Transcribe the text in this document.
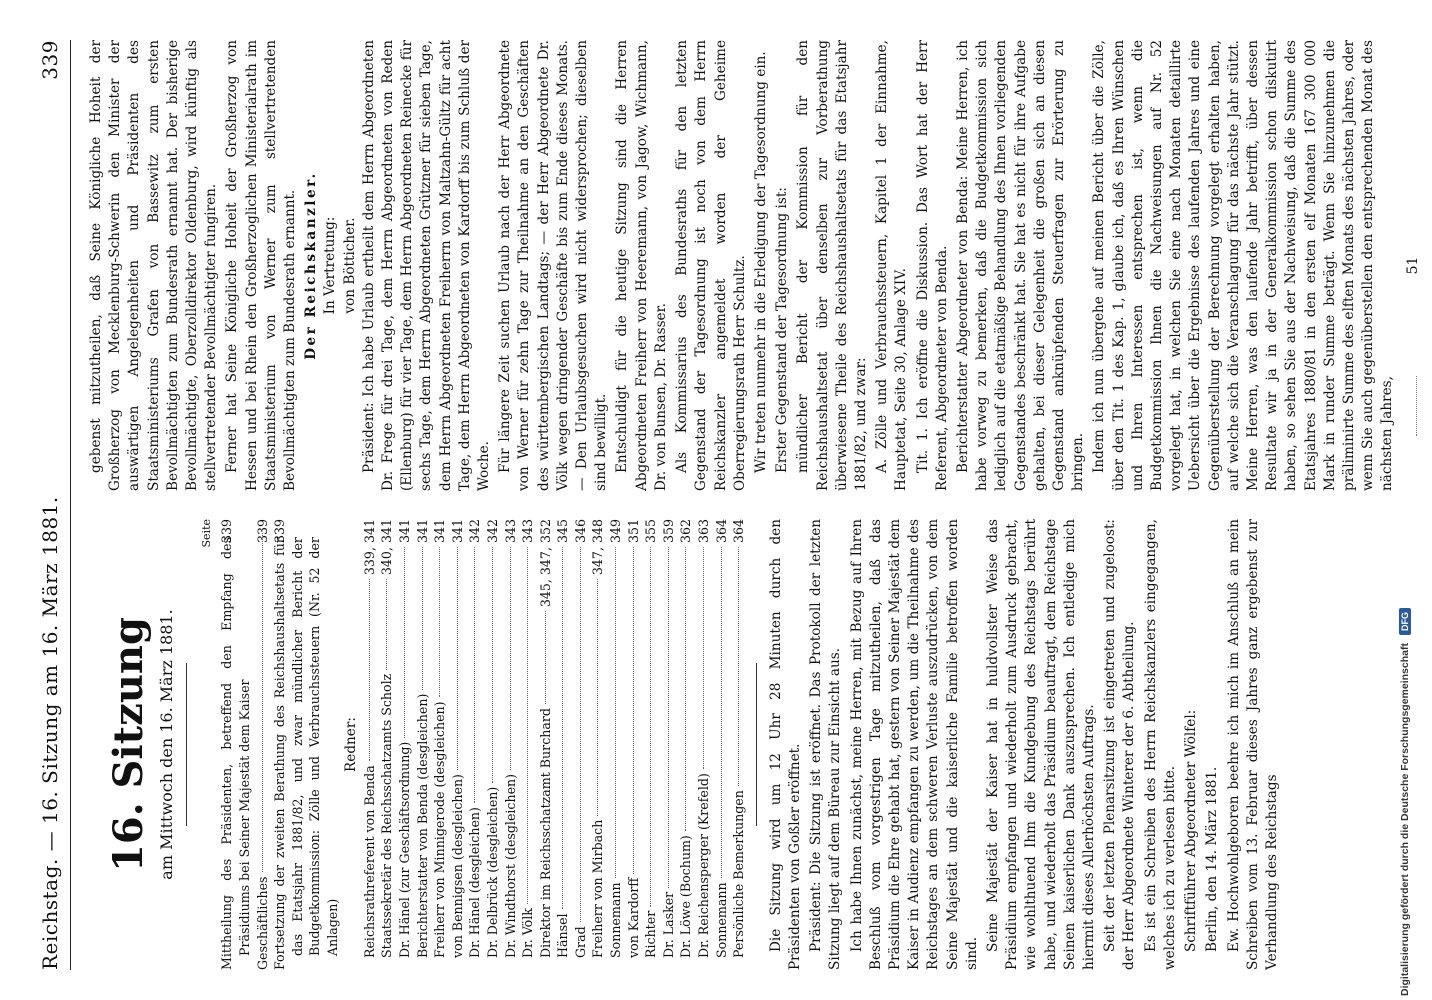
Reichstag. — 16. Sitzung am 16. März 1881.
339
16. Sitzung am Mittwoch den 16. März 1881.
Seite
Mittheilung des Präsidenten, betreffend den Empfang des Präsidiums bei Seiner Majestät dem Kaiser
339
Geschäftliches
339
Fortsetzung der zweiten Berathung des Reichshaushaltsetats für das Etatsjahr 1881/82, und zwar mündlicher Bericht der Budgetkommission: Zölle und Verbrauchssteuern (Nr. 52 der Anlagen)
339
Redner:
Reichsrathreferent von Benda
339, 341
Staatssekretär des Reichsschatzamts Scholz
340, 341
Dr. Hänel (zur Geschäftsordnung)
341
Berichterstatter von Benda (desgleichen)
341
Freiherr von Minnigerode (desgleichen)
341
von Bennigsen (desgleichen)
341
Dr. Hänel (desgleichen)
342
Dr. Delbrück (desgleichen)
342
Dr. Windthorst (desgleichen)
343
Dr. Völk
343
Direktor im Reichsschatzamt Burchard
345, 347, 352
Hänsel
345
Grad
346
Freiherr von Mirbach
347, 348
Sonnemann
349
von Kardorff
351
Richter
355
Dr. Lasker
359
Dr. Löwe (Bochum)
362
Dr. Reichensperger (Krefeld)
363
Sonnemann
364
Persönliche Bemerkungen
364 Die Sitzung wird um 12 Uhr 28 Minuten durch den Präsidenten von Goßler eröffnet. Präsident: Die Sitzung ist eröffnet. Das Protokoll der letzten Sitzung liegt auf dem Büreau zur Einsicht aus. Ich habe Ihnen zunächst, meine Herren, mit Bezug auf Ihren Beschluß vom vorgestrigen Tage mitzutheilen, daß das Präsidium die Ehre gehabt hat, gestern von Seiner Majestät dem Kaiser in Audienz empfangen zu werden, um die Theilnahme des Reichstages an dem schweren Verluste auszudrücken, von dem Seine Majestät und die kaiserliche Familie betroffen worden sind.

Seine Majestät der Kaiser hat in huldvollster Weise das Präsidium empfangen und wiederholt zum Ausdruck gebracht, wie wohlthuend Ihm die Kundgebung des Reichstags berührt habe, und wiederholt das Präsidium beauftragt, dem Reichstage Seinen kaiserlichen Dank auszusprechen. Ich entledige mich hiermit dieses Allerhöchsten Auftrags. Seit der letzten Plenarsitzung ist eingetreten und zugeloost: der Herr Abgeordnete Winterer der 6. Abtheilung. Es ist ein Schreiben des Herrn Reichskanzlers eingegangen, welches ich zu verlesen bitte. Schriftführer Abgeordneter Wölfel: Berlin, den 14. März 1881. Ew. Hochwohlgeboren beehre ich mich im Anschluß an mein Schreiben vom 13. Februar dieses Jahres ganz ergebenst zur Verhandlung des Reichstags

gebenst mitzutheilen, daß Seine Königliche Hoheit der Großherzog von Mecklenburg-Schwerin den Minister der auswärtigen Angelegenheiten und Präsidenten des Staatsministeriums Grafen von Bassewitz zum ersten Bevollmächtigten zum Bundesrath ernannt hat. Der bisherige Bevollmächtigte, Oberzolldirektor Oldenburg, wird künftig als stellvertretender Bevollmächtigter fungiren. Ferner hat Seine Königliche Hoheit der Großherzog von Hessen und bei Rhein den Großherzoglichen Ministerialrath im Staatsministerium von Werner zum stellvertretenden Bevollmächtigten zum Bundesrath ernannt. Der Reichskanzler. In Vertretung: von Bötticher. Präsident: Ich habe Urlaub ertheilt dem Herrn Abgeordneten Dr. Frege für drei Tage, dem Herrn Abgeordneten von Reden (Ellenburg) für vier Tage, dem Herrn Abgeordneten Reinecke für sechs Tage, dem Herrn Abgeordneten Grützner für sieben Tage, dem Herrn Abgeordneten Freiherrn von Maltzahn-Gültz für acht Tage, dem Herrn Abgeordneten von Kardorff bis zum Schluß der Woche. Für längere Zeit suchen Urlaub nach der Herr Abgeordnete von Werner für zehn Tage zur Theilnahme an den Geschäften des württembergischen Landtags; — der Herr Abgeordnete Dr. Völk wegen dringender Geschäfte bis zum Ende dieses Monats. — Den Urlaubsgesuchen wird nicht widersprochen; dieselben sind bewilligt. Entschuldigt für die heutige Sitzung sind die Herren Abgeordneten Freiherr von Heeremann, von Jagow, Wichmann, Dr. von Bunsen, Dr. Rasser. Als Kommissarius des Bundesraths für den letzten Gegenstand der Tagesordnung ist noch von dem Herrn Reichskanzler angemeldet worden der Geheime Oberregierungsrath Herr Schultz. Wir treten nunmehr in die Erledigung der Tagesordnung ein. Erster Gegenstand der Tagesordnung ist: mündlicher Bericht der Kommission für den Reichshaushaltsetat über denselben zur Vorberathung überwiesene Theile des Reichshaushaltsetats für das Etatsjahr 1881/82, und zwar: A. Zölle und Verbrauchssteuern, Kapitel 1 der Einnahme, Hauptetat, Seite 30, Anlage XIV. Tit. 1. Ich eröffne die Diskussion. Das Wort hat der Herr Referent, Abgeordneter von Benda. Berichterstatter Abgeordneter von Benda: Meine Herren, ich habe vorweg zu bemerken, daß die Budgetkommission sich lediglich auf die etatmäßige Behandlung des Ihnen vorliegenden Gegenstandes beschränkt hat. Sie hat es nicht für ihre Aufgabe gehalten, bei dieser Gelegenheit die großen sich an diesen Gegenstand anknüpfenden Steuerfragen zur Erörterung zu bringen. Indem ich nun übergehe auf meinen Bericht über die Zölle, über den Tit. 1 des Kap. 1, glaube ich, daß es Ihren Wünschen und Ihren Interessen entsprechen ist, wenn die Budgetkommission Ihnen die Nachweisungen auf Nr. 52 vorgelegt hat, in welchen Sie eine nach Monaten detaillirte Uebersicht über die Ergebnisse des laufenden Jahres und eine Gegenüberstellung der Berechnung vorgelegt erhalten haben, auf welche sich die Veranschlagung für das nächste Jahr stützt. Meine Herren, was den laufende Jahr betrifft, über dessen Resultate wir ja in der Generalkommission schon diskutirt haben, so sehen Sie aus der Nachweisung, daß die Summe des Etatsjahres 1880/81 in den ersten elf Monaten 167 300 000 Mark in runder Summe beträgt. Wenn Sie hinzunehmen die präliminirte Summe des elften Monats des nächsten Jahres, oder wenn Sie auch gegenüberstellen den entsprechenden Monat des nächsten Jahres,

51
Digitalisierung gefördert durch die Deutsche Forschungsgemeinschaft
DFG
